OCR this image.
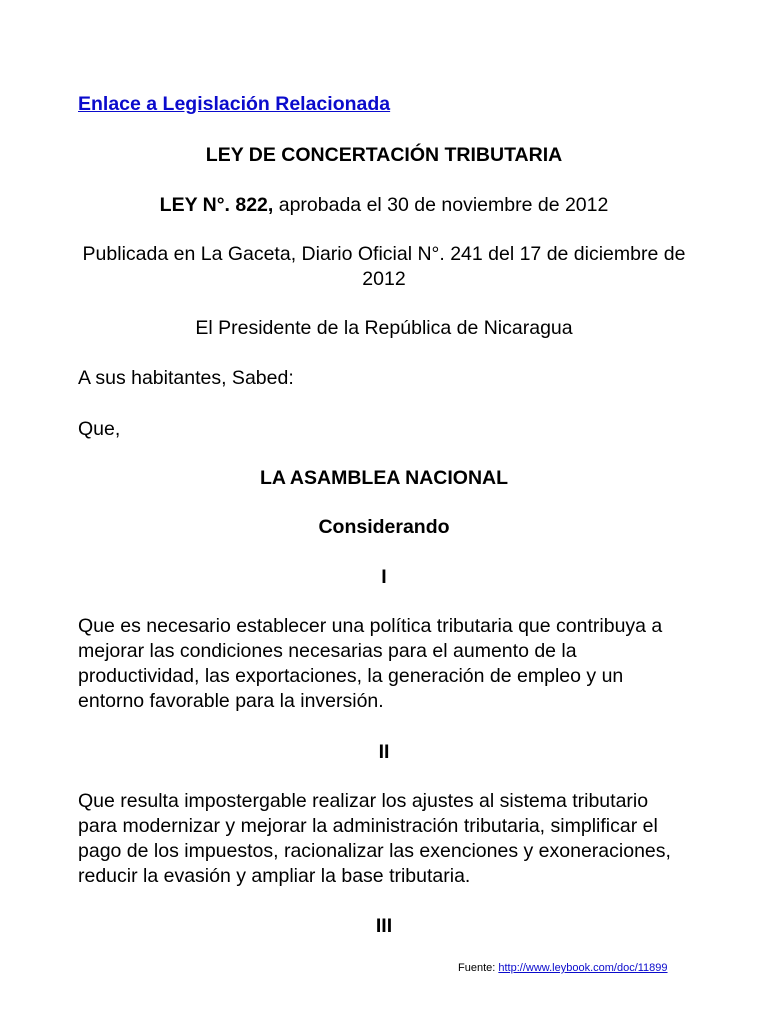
Enlace a Legislación Relacionada

LEY DE CONCERTACIÓN TRIBUTARIA

LEY N°. 822, aprobada el 30 de noviembre de 2012

Publicada en La Gaceta, Diario Oficial N°. 241 del 17 de diciembre de 2012

El Presidente de la República de Nicaragua

A sus habitantes, Sabed:

Que,

LA ASAMBLEA NACIONAL

Considerando

I

Que es necesario establecer una política tributaria que contribuya a mejorar las condiciones necesarias para el aumento de la productividad, las exportaciones, la generación de empleo y un entorno favorable para la inversión.

II

Que resulta impostergable realizar los ajustes al sistema tributario para modernizar y mejorar la administración tributaria, simplificar el pago de los impuestos, racionalizar las exenciones y exoneraciones, reducir la evasión y ampliar la base tributaria.

III

Fuente: http://www.leybook.com/doc/11899
